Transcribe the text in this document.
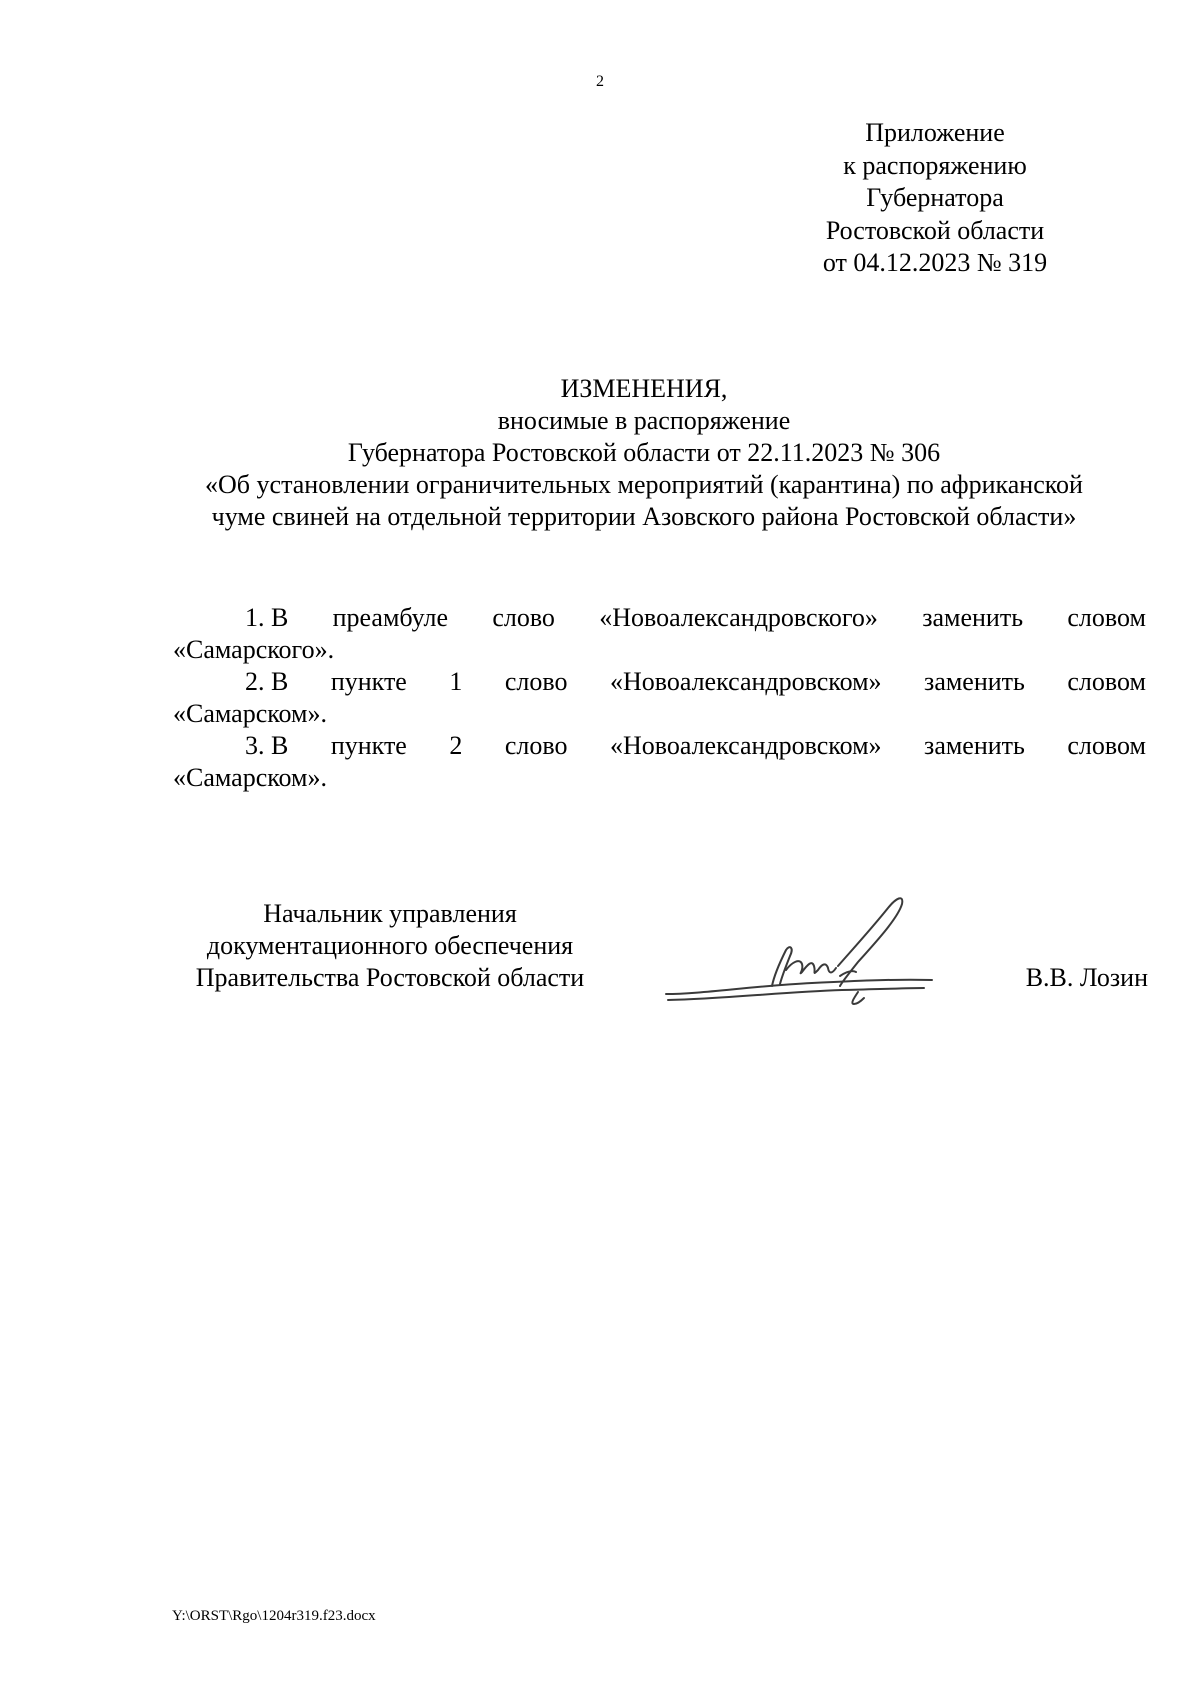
2
Приложение
к распоряжению
Губернатора
Ростовской области
от 04.12.2023 № 319
ИЗМЕНЕНИЯ,
вносимые в распоряжение
Губернатора Ростовской области от 22.11.2023 № 306
«Об установлении ограничительных мероприятий (карантина) по африканской
чуме свиней на отдельной территории Азовского района Ростовской области»
1. В преамбуле слово «Новоалександровского» заменить словом
«Самарского».
2. В пункте 1 слово «Новоалександровском» заменить словом
«Самарском».
3. В пункте 2 слово «Новоалександровском» заменить словом
«Самарском».
Начальник управления
документационного обеспечения
Правительства Ростовской области	В.В. Лозин
Y:\ORST\Rgo\1204r319.f23.docx
